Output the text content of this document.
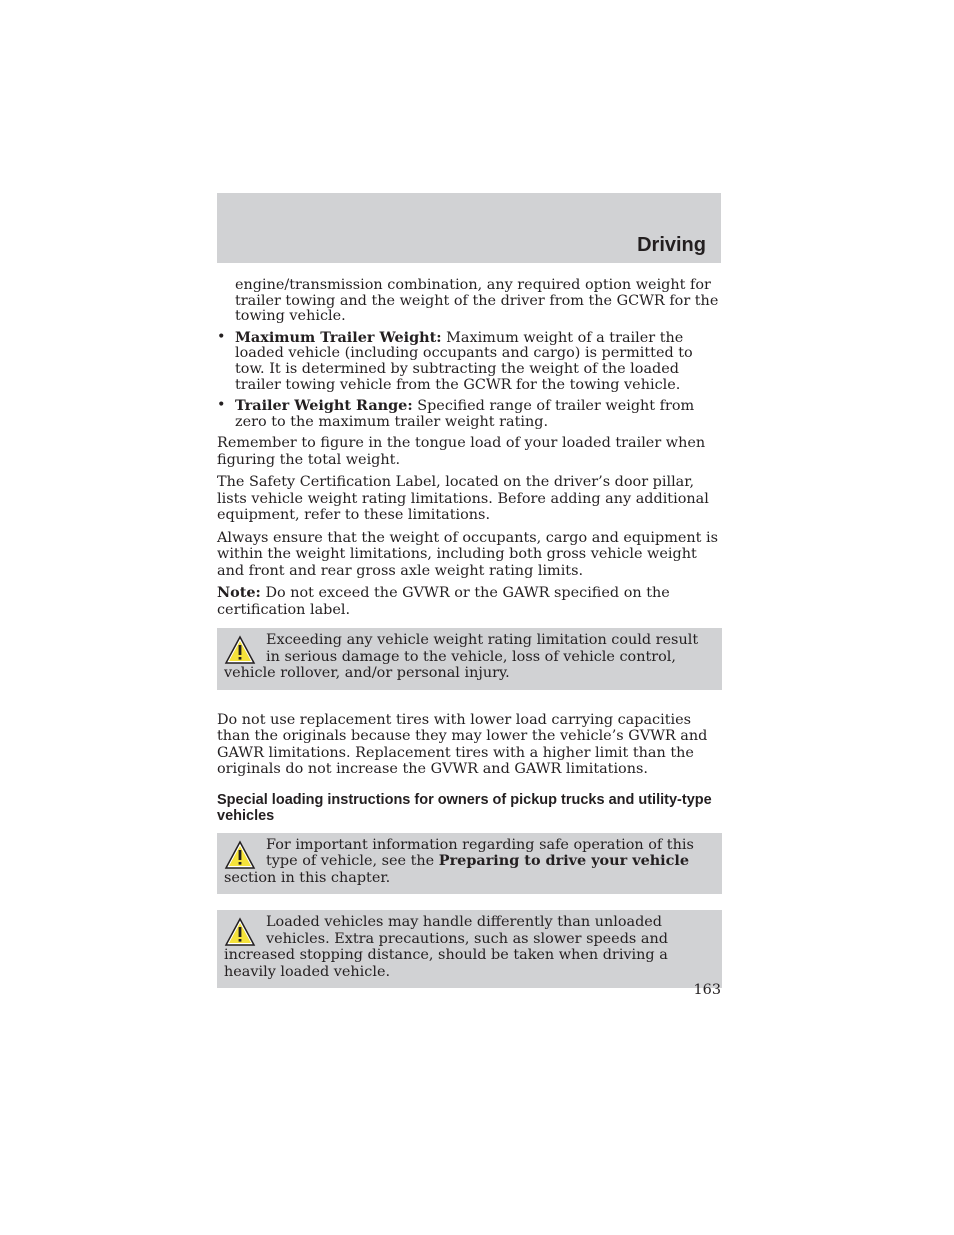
Driving
engine/transmission combination, any required option weight for trailer towing and the weight of the driver from the GCWR for the towing vehicle.
• Maximum Trailer Weight: Maximum weight of a trailer the loaded vehicle (including occupants and cargo) is permitted to tow. It is determined by subtracting the weight of the loaded trailer towing vehicle from the GCWR for the towing vehicle.
• Trailer Weight Range: Specified range of trailer weight from zero to the maximum trailer weight rating.

Remember to figure in the tongue load of your loaded trailer when figuring the total weight.

The Safety Certification Label, located on the driver’s door pillar, lists vehicle weight rating limitations. Before adding any additional equipment, refer to these limitations.

Always ensure that the weight of occupants, cargo and equipment is within the weight limitations, including both gross vehicle weight and front and rear gross axle weight rating limits.

Note: Do not exceed the GVWR or the GAWR specified on the certification label.

Exceeding any vehicle weight rating limitation could result in serious damage to the vehicle, loss of vehicle control, vehicle rollover, and/or personal injury.

Do not use replacement tires with lower load carrying capacities than the originals because they may lower the vehicle’s GVWR and GAWR limitations. Replacement tires with a higher limit than the originals do not increase the GVWR and GAWR limitations.

Special loading instructions for owners of pickup trucks and utility-type vehicles
For important information regarding safe operation of this type of vehicle, see the Preparing to drive your vehicle section in this chapter.
Loaded vehicles may handle differently than unloaded vehicles. Extra precautions, such as slower speeds and increased stopping distance, should be taken when driving a heavily loaded vehicle.
163
